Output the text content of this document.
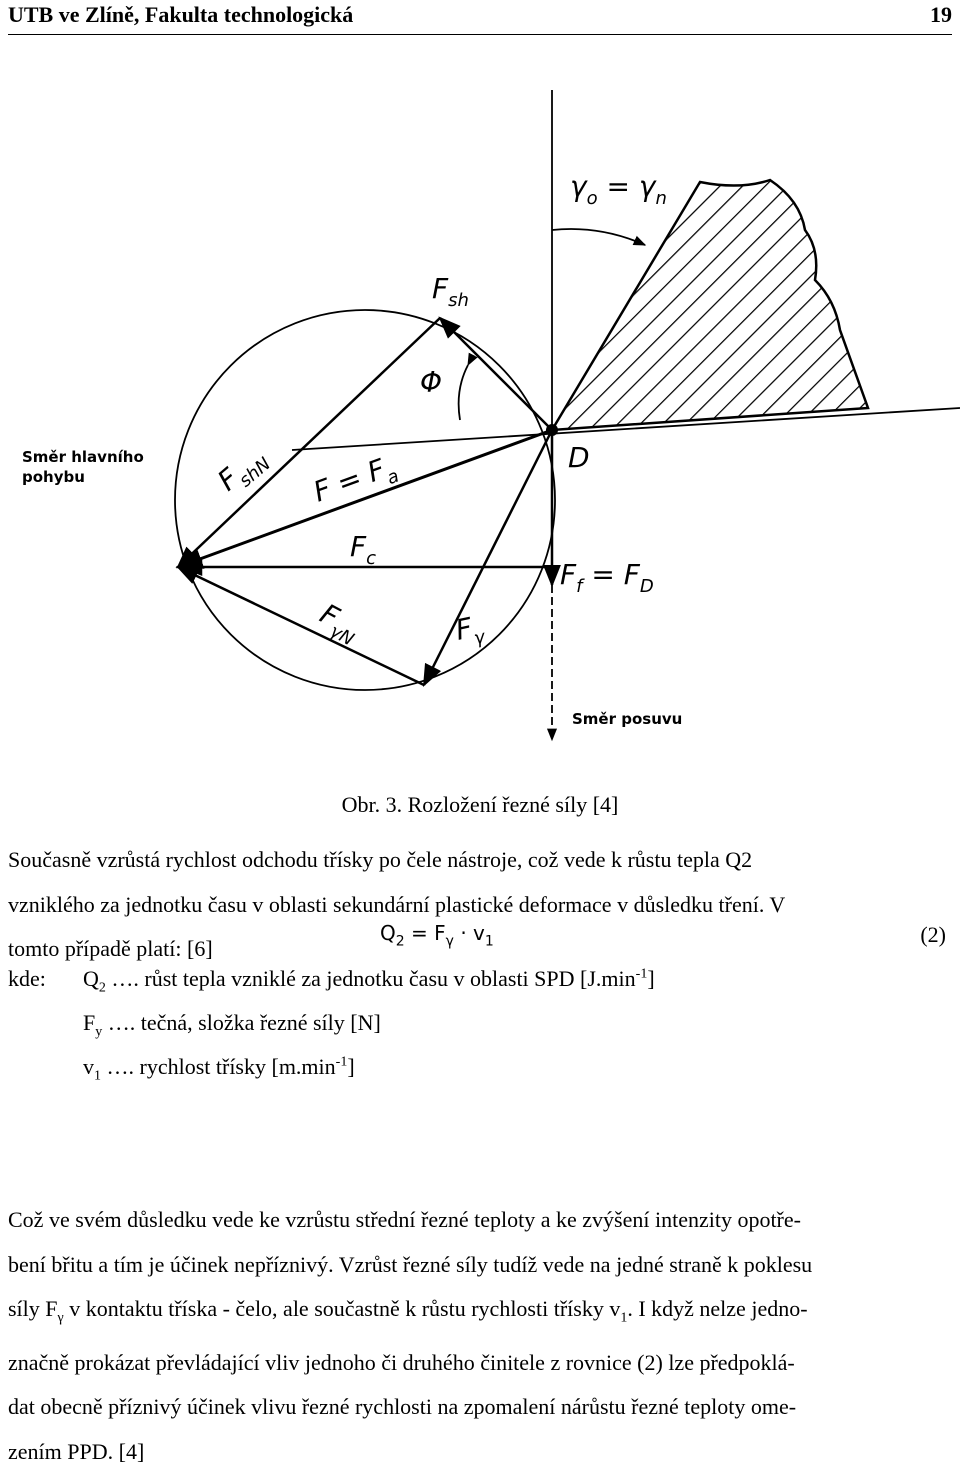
UTB ve Zlíně, Fakulta technologická	19
Směr hlavního
pohybu
Směr posuvu
D
γo = γn
Φ
Fsh
FshN F = Fa
Fc	Ff = FD
Fγ
FγN
Obr. 3. Rozložení řezné síly [4]
Současně vzrůstá rychlost odchodu třísky po čele nástroje, což vede k růstu tepla Q2
vzniklého za jednotku času v oblasti sekundární plastické deformace v důsledku tření. V
tomto případě platí: [6]
$Q_2 = F_\gamma \cdot v_1$	(2)
kde: $Q_2$ …. růst tepla vzniklé za jednotku času v oblasti SPD $[J.\min^{-1}]$
$F_y$ …. tečná, složka řezné síly [N]
$v_1$ …. rychlost třísky $[m.\min^{-1}]$
Což ve svém důsledku vede ke vzrůstu střední řezné teploty a ke zvýšení intenzity opotře-
bení břitu a tím je účinek nepříznivý. Vzrůst řezné síly tudíž vede na jedné straně k poklesu
síly $F_\gamma$ v kontaktu tříska - čelo, ale součastně k růstu rychlosti třísky $v_1$. I když nelze jedno-
značně prokázat převládající vliv jednoho či druhého činitele z rovnice (2) lze předpoklá-
dat obecně příznivý účinek vlivu řezné rychlosti na zpomalení nárůstu řezné teploty ome-
zením PPD. [4]
